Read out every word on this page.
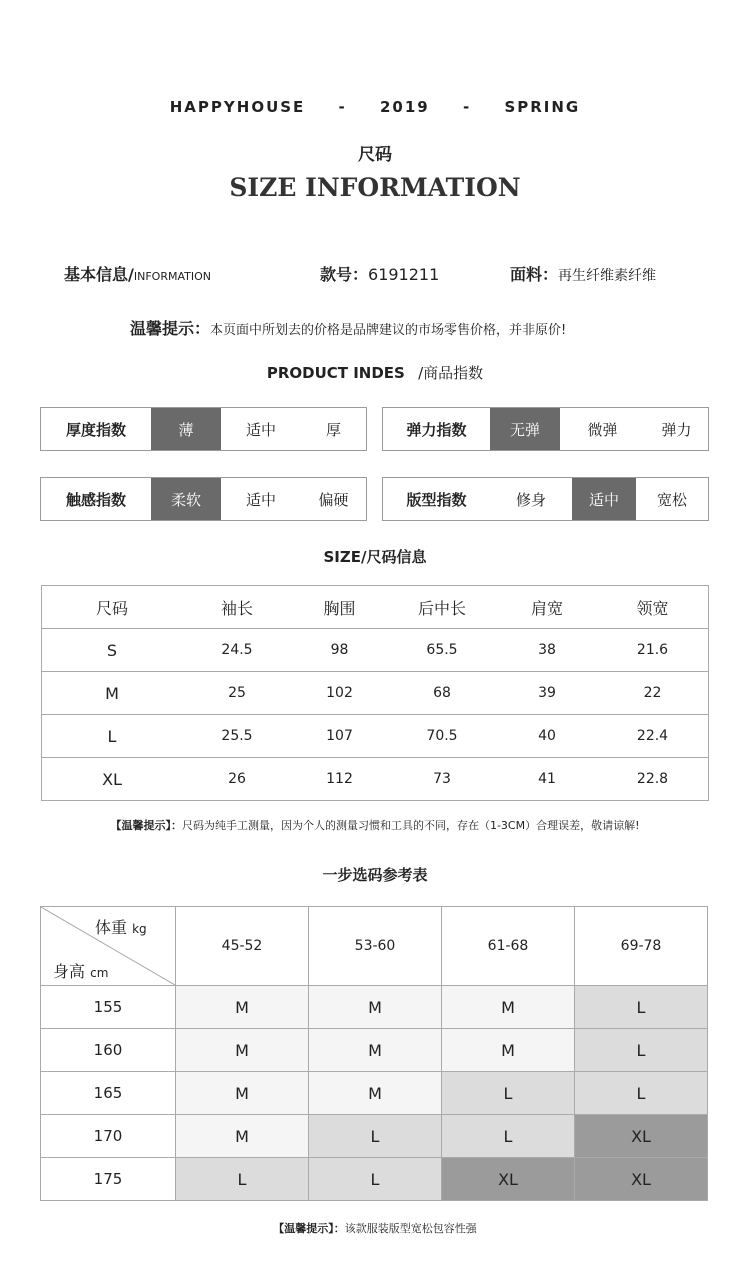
HAPPYHOUSE - 2019 - SPRING
尺码
SIZE INFORMATION
基本信息/INFORMATION	款号：6191211	面料：再生纤维素纤维
温馨提示：本页面中所划去的价格是品牌建议的市场零售价格，并非原价!
PRODUCT INDES /商品指数
厚度指数	薄	适中	厚	弹力指数	无弹	微弹	弹力
触感指数	柔软	适中	偏硬	版型指数	修身	适中	宽松
SIZE/尺码信息
尺码	袖长	胸围	后中长	肩宽	领宽
S	24.5	98	65.5	38	21.6
M	25	102	68	39	22
L	25.5	107	70.5	40	22.4
XL	26	112	73	41	22.8
【温馨提示】：尺码为纯手工测量，因为个人的测量习惯和工具的不同，存在（1-3CM）合理误差，敬请谅解!
一步选码参考表
体重 kg
身高 cm	45-52	53-60	61-68	69-78
155	M	M	M	L
160	M	M	M	L
165	M	M	L	L
170	M	L	L	XL
175	L	L	XL	XL
【温馨提示】：该款服装版型宽松包容性强
